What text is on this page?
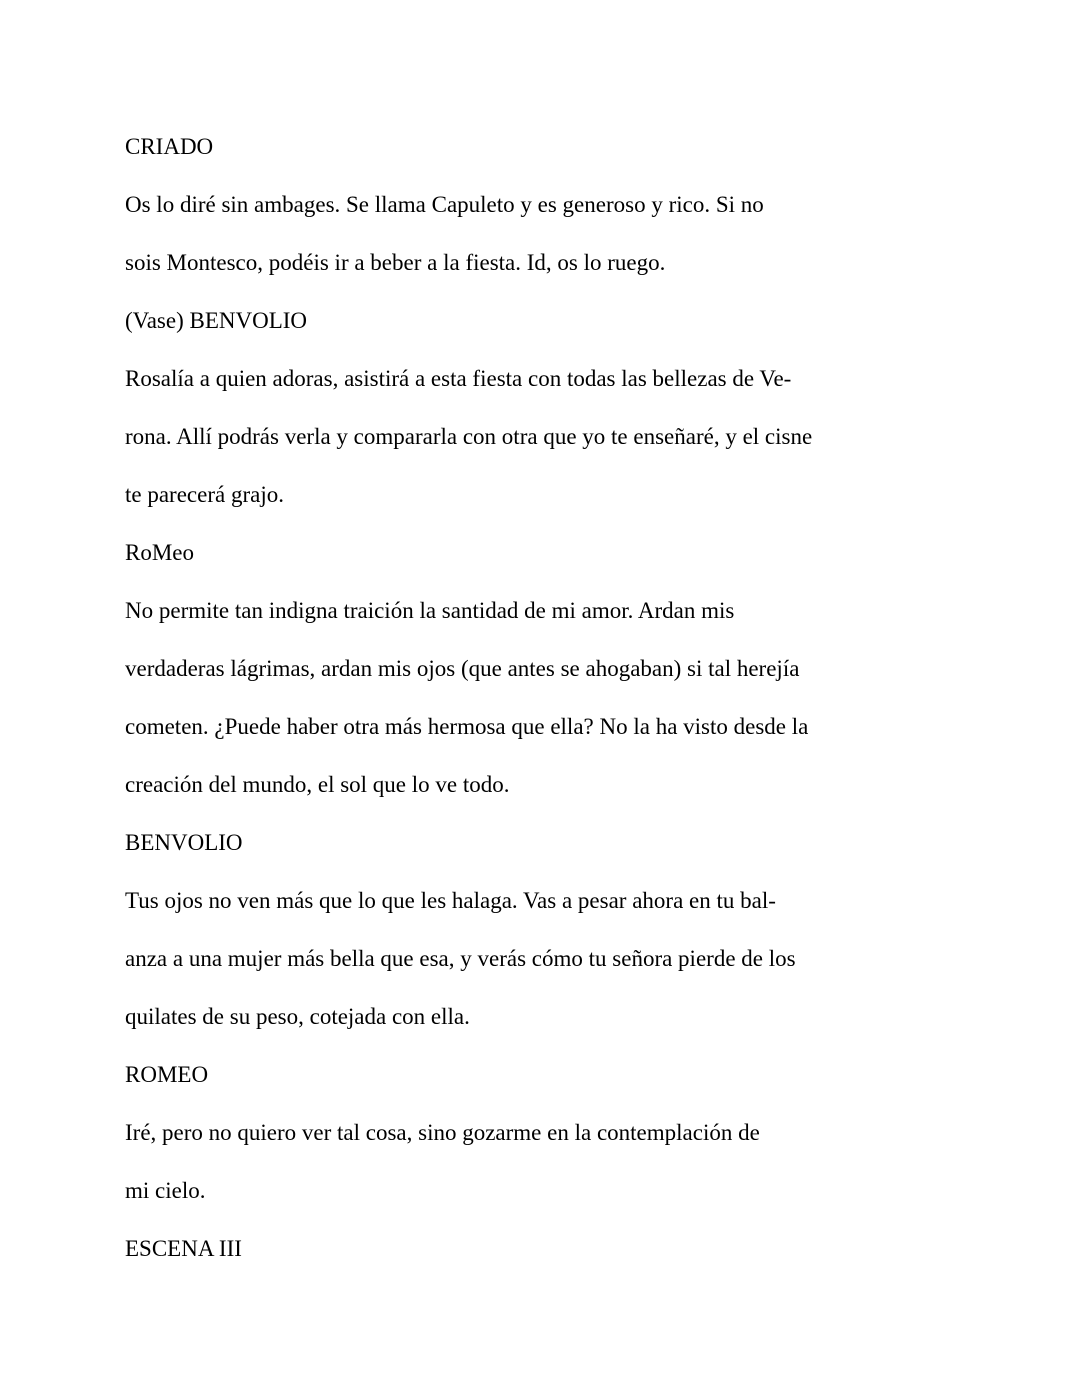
CRIADO
Os lo diré sin ambages. Se llama Capuleto y es generoso y rico. Si no
sois Montesco, podéis ir a beber a la fiesta. Id, os lo ruego.
(Vase) BENVOLIO
Rosalía a quien adoras, asistirá a esta fiesta con todas las bellezas de Ve-
rona. Allí podrás verla y compararla con otra que yo te enseñaré, y el cisne
te parecerá grajo.
RoMeo
No permite tan indigna traición la santidad de mi amor. Ardan mis
verdaderas lágrimas, ardan mis ojos (que antes se ahogaban) si tal herejía
cometen. ¿Puede haber otra más hermosa que ella? No la ha visto desde la
creación del mundo, el sol que lo ve todo.
BENVOLIO
Tus ojos no ven más que lo que les halaga. Vas a pesar ahora en tu bal-
anza a una mujer más bella que esa, y verás cómo tu señora pierde de los
quilates de su peso, cotejada con ella.
ROMEO
Iré, pero no quiero ver tal cosa, sino gozarme en la contemplación de
mi cielo.
ESCENA III
